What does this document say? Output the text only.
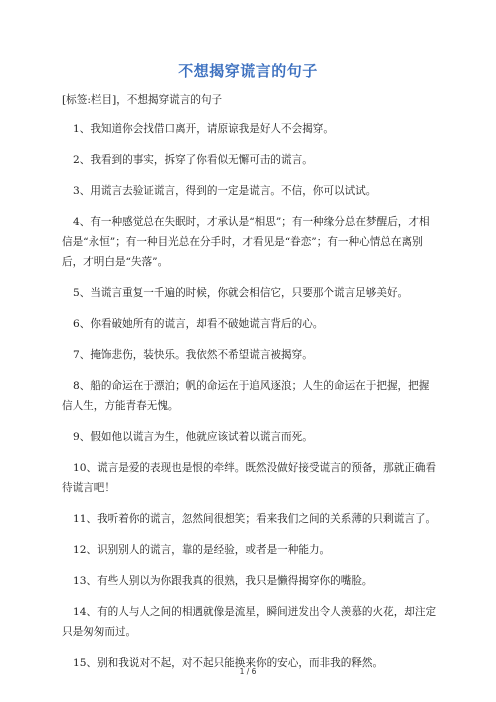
不想揭穿谎言的句子

[标签:栏目]，不想揭穿谎言的句子

1、我知道你会找借口离开，请原谅我是好人不会揭穿。

2、我看到的事实，拆穿了你看似无懈可击的谎言。

3、用谎言去验证谎言，得到的一定是谎言。不信，你可以试试。

4、有一种感觉总在失眠时，才承认是“相思”；有一种缘分总在梦醒后，才相信是“永恒”；有一种目光总在分手时，才看见是“眷恋”；有一种心情总在离别后，才明白是“失落”。

5、当谎言重复一千遍的时候，你就会相信它，只要那个谎言足够美好。

6、你看破她所有的谎言，却看不破她谎言背后的心。

7、掩饰悲伤，装快乐。我依然不希望谎言被揭穿。

8、船的命运在于漂泊；帆的命运在于追风逐浪；人生的命运在于把握，把握信人生，方能青春无愧。

9、假如他以谎言为生，他就应该试着以谎言而死。

10、谎言是爱的表现也是恨的牵绊。既然没做好接受谎言的预备，那就正确看待谎言吧！

11、我听着你的谎言，忽然间很想笑；看来我们之间的关系薄的只剩谎言了。

12、识别别人的谎言，靠的是经验，或者是一种能力。

13、有些人别以为你跟我真的很熟，我只是懒得揭穿你的嘴脸。

14、有的人与人之间的相遇就像是流星，瞬间迸发出令人羡慕的火花，却注定只是匆匆而过。

15、别和我说对不起，对不起只能换来你的安心，而非我的释然。

1 / 6
